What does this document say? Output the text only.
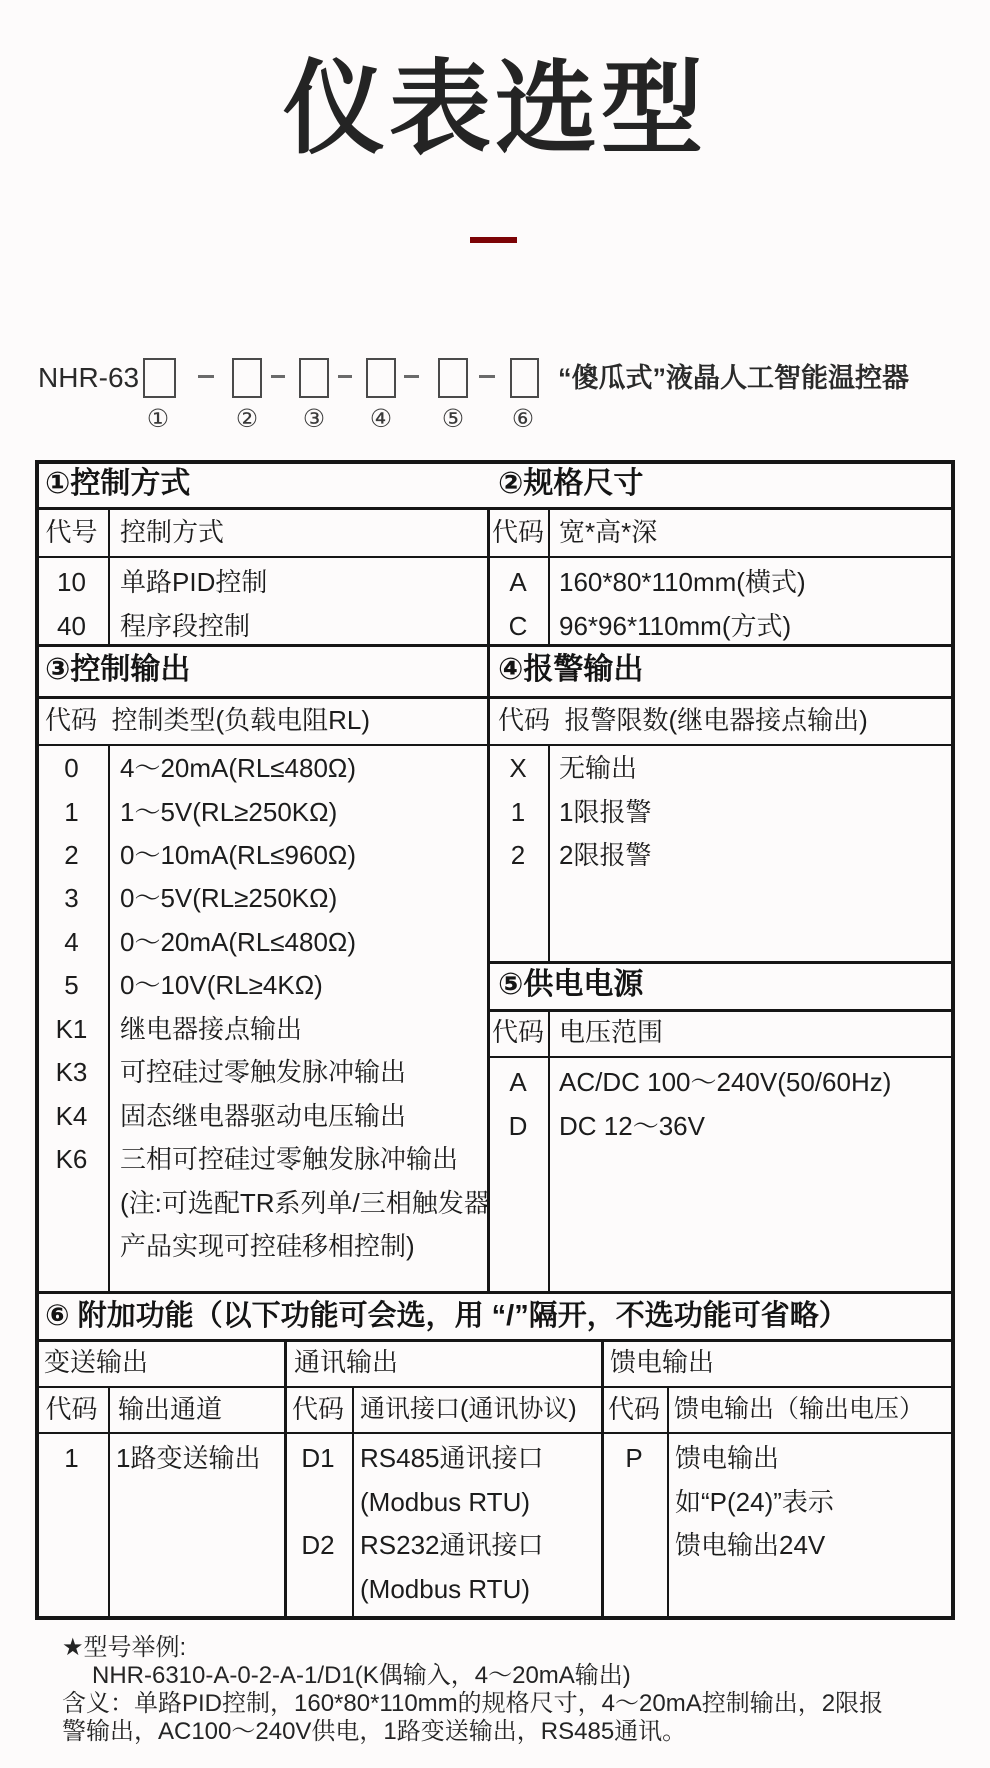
仪表选型
NHR-63	“傻瓜式”液晶人工智能温控器
①	② ③ ④ ⑤ ⑥
①控制方式	②规格尺寸
代号 控制方式	代码 宽*高*深
10	单路PID控制
40	程序段控制
A	160*80*110mm(横式)
C	96*96*110mm(方式)
③控制输出	④报警输出
代码  控制类型(负载电阻RL)	代码  报警限数(继电器接点输出)
0	4～20mA(RL≤480Ω)
1	1～5V(RL≥250KΩ)
2	0～10mA(RL≤960Ω)
3	0～5V(RL≥250KΩ)
4	0～20mA(RL≤480Ω)
5	0～10V(RL≥4KΩ)
K1	继电器接点输出
K3	可控硅过零触发脉冲输出
K4	固态继电器驱动电压输出
K6	三相可控硅过零触发脉冲输出
(注:可选配TR系列单/三相触发器
产品实现可控硅移相控制)
X	无输出
1	1限报警
2	2限报警
⑤供电电源
代码 电压范围
A	AC/DC 100～240V(50/60Hz)
D	DC 12～36V
⑥ 附加功能（以下功能可会选，用 “/”隔开，不选功能可省略）
变送输出	通讯输出	馈电输出
代码 输出通道	代码 通讯接口(通讯协议) 代码 馈电输出（输出电压）
1	1路变送输出	D1 RS485通讯接口
(Modbus RTU)
D2 RS232通讯接口
(Modbus RTU)
P	馈电输出
如“P(24)”表示
馈电输出24V
★型号举例:
NHR-6310-A-0-2-A-1/D1(K偶输入，4～20mA输出)
含义：单路PID控制，160*80*110mm的规格尺寸，4～20mA控制输出，2限报
警输出，AC100～240V供电，1路变送输出，RS485通讯。
